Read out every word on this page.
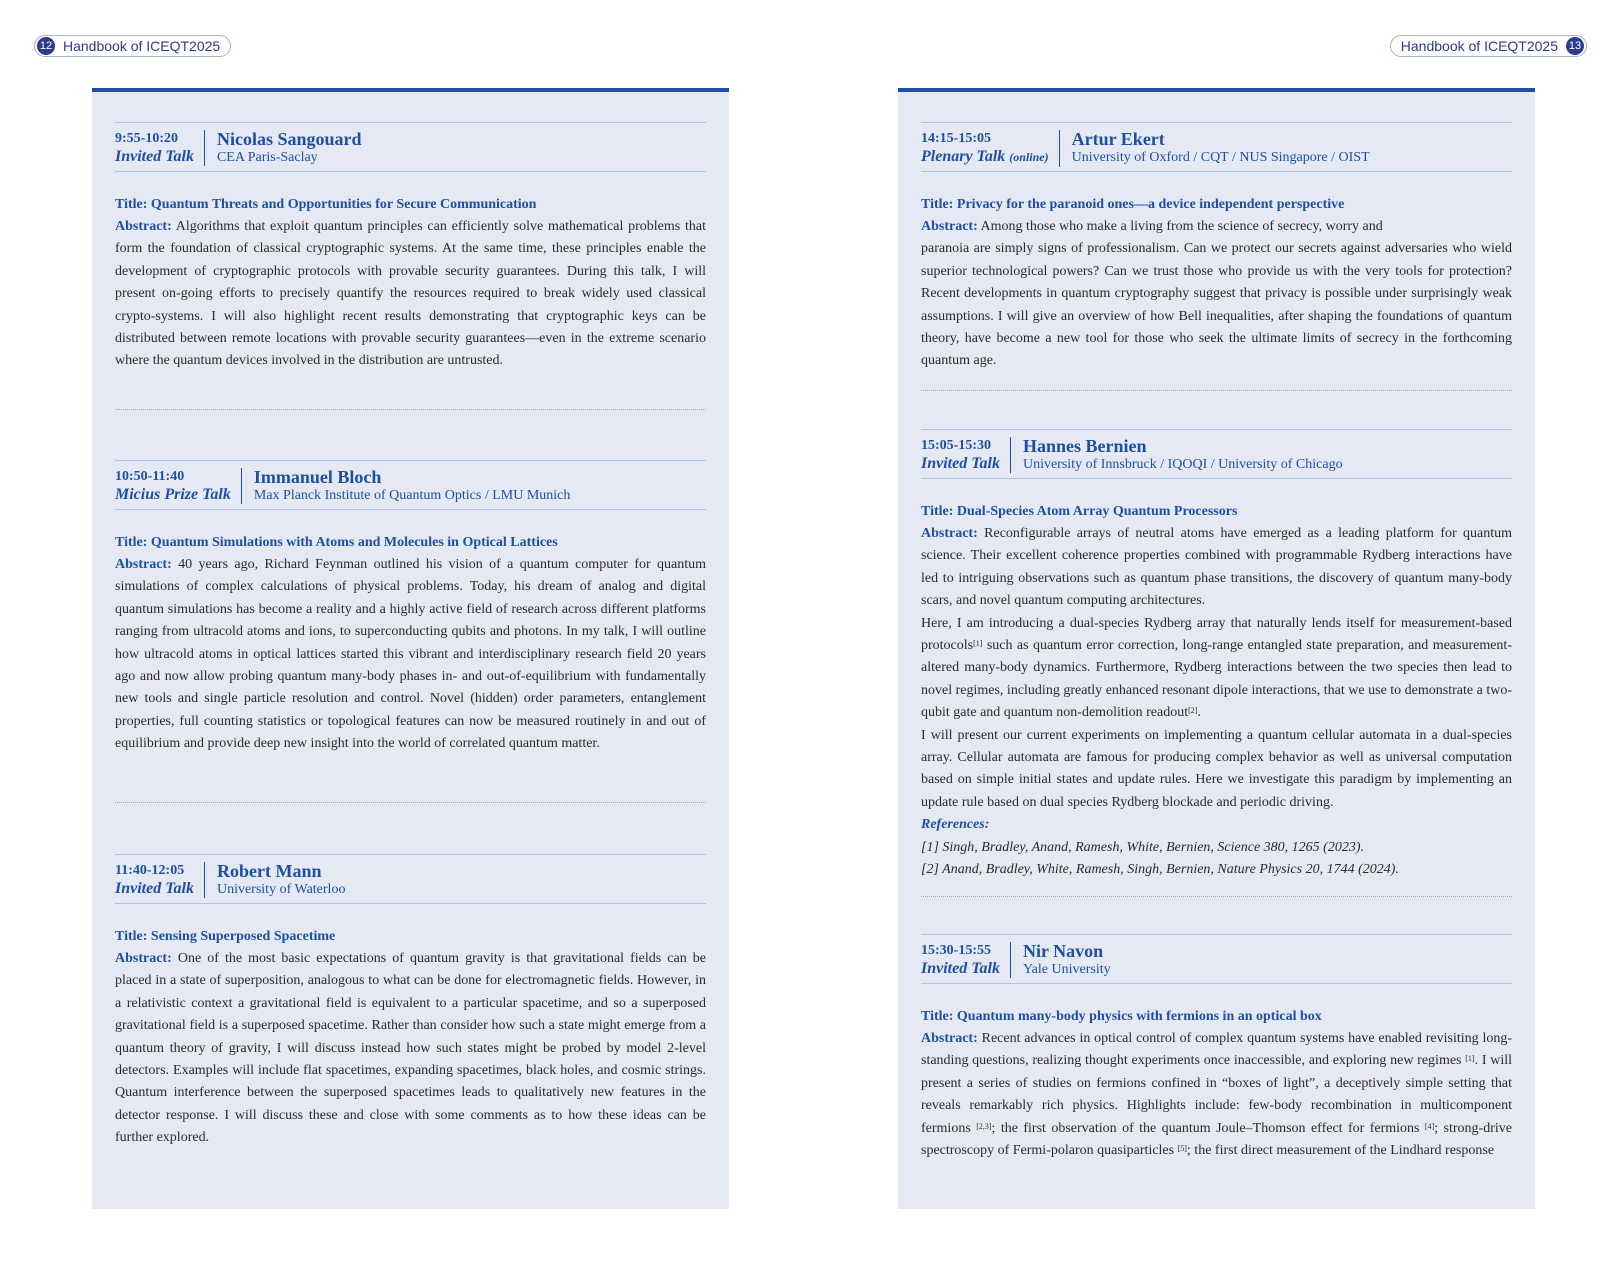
12 Handbook of ICEQT2025	Handbook of ICEQT2025 13
9:55-10:20
Invited Talk
Nicolas Sangouard
CEA Paris-Saclay
Title: Quantum Threats and Opportunities for Secure Communication
Abstract: Algorithms that exploit quantum principles can efficiently solve mathematical problems that form the foundation of classical cryptographic systems. At the same time, these principles enable the development of cryptographic protocols with provable security guarantees. During this talk, I will present on-going efforts to precisely quantify the resources required to break widely used classical crypto-systems. I will also highlight recent results demonstrating that cryptographic keys can be distributed between remote locations with provable security guarantees—even in the extreme scenario where the quantum devices involved in the distribution are untrusted.
10:50-11:40
Micius Prize Talk
Immanuel Bloch
Max Planck Institute of Quantum Optics / LMU Munich
Title: Quantum Simulations with Atoms and Molecules in Optical Lattices
Abstract: 40 years ago, Richard Feynman outlined his vision of a quantum computer for quantum simulations of complex calculations of physical problems. Today, his dream of analog and digital quantum simulations has become a reality and a highly active field of research across different platforms ranging from ultracold atoms and ions, to superconducting qubits and photons. In my talk, I will outline how ultracold atoms in optical lattices started this vibrant and interdisciplinary research field 20 years ago and now allow probing quantum many-body phases in- and out-of-equilibrium with fundamentally new tools and single particle resolution and control. Novel (hidden) order parameters, entanglement properties, full counting statistics or topological features can now be measured routinely in and out of equilibrium and provide deep new insight into the world of correlated quantum matter.
11:40-12:05
Invited Talk
Robert Mann
University of Waterloo
Title: Sensing Superposed Spacetime
Abstract: One of the most basic expectations of quantum gravity is that gravitational fields can be placed in a state of superposition, analogous to what can be done for electromagnetic fields. However, in a relativistic context a gravitational field is equivalent to a particular spacetime, and so a superposed gravitational field is a superposed spacetime. Rather than consider how such a state might emerge from a quantum theory of gravity, I will discuss instead how such states might be probed by model 2-level detectors. Examples will include flat spacetimes, expanding spacetimes, black holes, and cosmic strings. Quantum interference between the superposed spacetimes leads to qualitatively new features in the detector response. I will discuss these and close with some comments as to how these ideas can be further explored.
14:15-15:05
Plenary Talk (online)
Artur Ekert
University of Oxford / CQT / NUS Singapore / OIST
Title: Privacy for the paranoid ones—a device independent perspective

Abstract: Among those who make a living from the science of secrecy, worry and

paranoia are simply signs of professionalism. Can we protect our secrets against adversaries who wield superior technological powers? Can we trust those who provide us with the very tools for protection? Recent developments in quantum cryptography suggest that privacy is possible under surprisingly weak assumptions. I will give an overview of how Bell inequalities, after shaping the foundations of quantum theory, have become a new tool for those who seek the ultimate limits of secrecy in the forthcoming quantum age.

15:05-15:30
Invited Talk
Hannes Bernien
University of Innsbruck / IQOQI / University of Chicago
Title: Dual-Species Atom Array Quantum Processors

Abstract: Reconfigurable arrays of neutral atoms have emerged as a leading platform for quantum science. Their excellent coherence properties combined with programmable Rydberg interactions have led to intriguing observations such as quantum phase transitions, the discovery of quantum many-body scars, and novel quantum computing architectures.

Here, I am introducing a dual-species Rydberg array that naturally lends itself for measurement-based protocols[1] such as quantum error correction, long-range entangled state preparation, and measurement-altered many-body dynamics. Furthermore, Rydberg interactions between the two species then lead to novel regimes, including greatly enhanced resonant dipole interactions, that we use to demonstrate a two-qubit gate and quantum non-demolition readout[2].

I will present our current experiments on implementing a quantum cellular automata in a dual-species array. Cellular automata are famous for producing complex behavior as well as universal computation based on simple initial states and update rules. Here we investigate this paradigm by implementing an update rule based on dual species Rydberg blockade and periodic driving.

References:
[1] Singh, Bradley, Anand, Ramesh, White, Bernien, Science 380, 1265 (2023).
[2] Anand, Bradley, White, Ramesh, Singh, Bernien, Nature Physics 20, 1744 (2024).
15:30-15:55
Invited Talk
Nir Navon
Yale University
Title: Quantum many-body physics with fermions in an optical box
Abstract: Recent advances in optical control of complex quantum systems have enabled revisiting long-standing questions, realizing thought experiments once inaccessible, and exploring new regimes [1]. I will present a series of studies on fermions confined in “boxes of light”, a deceptively simple setting that reveals remarkably rich physics. Highlights include: few-body recombination in multicomponent fermions [2,3]; the first observation of the quantum Joule–Thomson effect for fermions [4]; strong-drive spectroscopy of Fermi-polaron quasiparticles [5]; the first direct measurement of the Lindhard response
